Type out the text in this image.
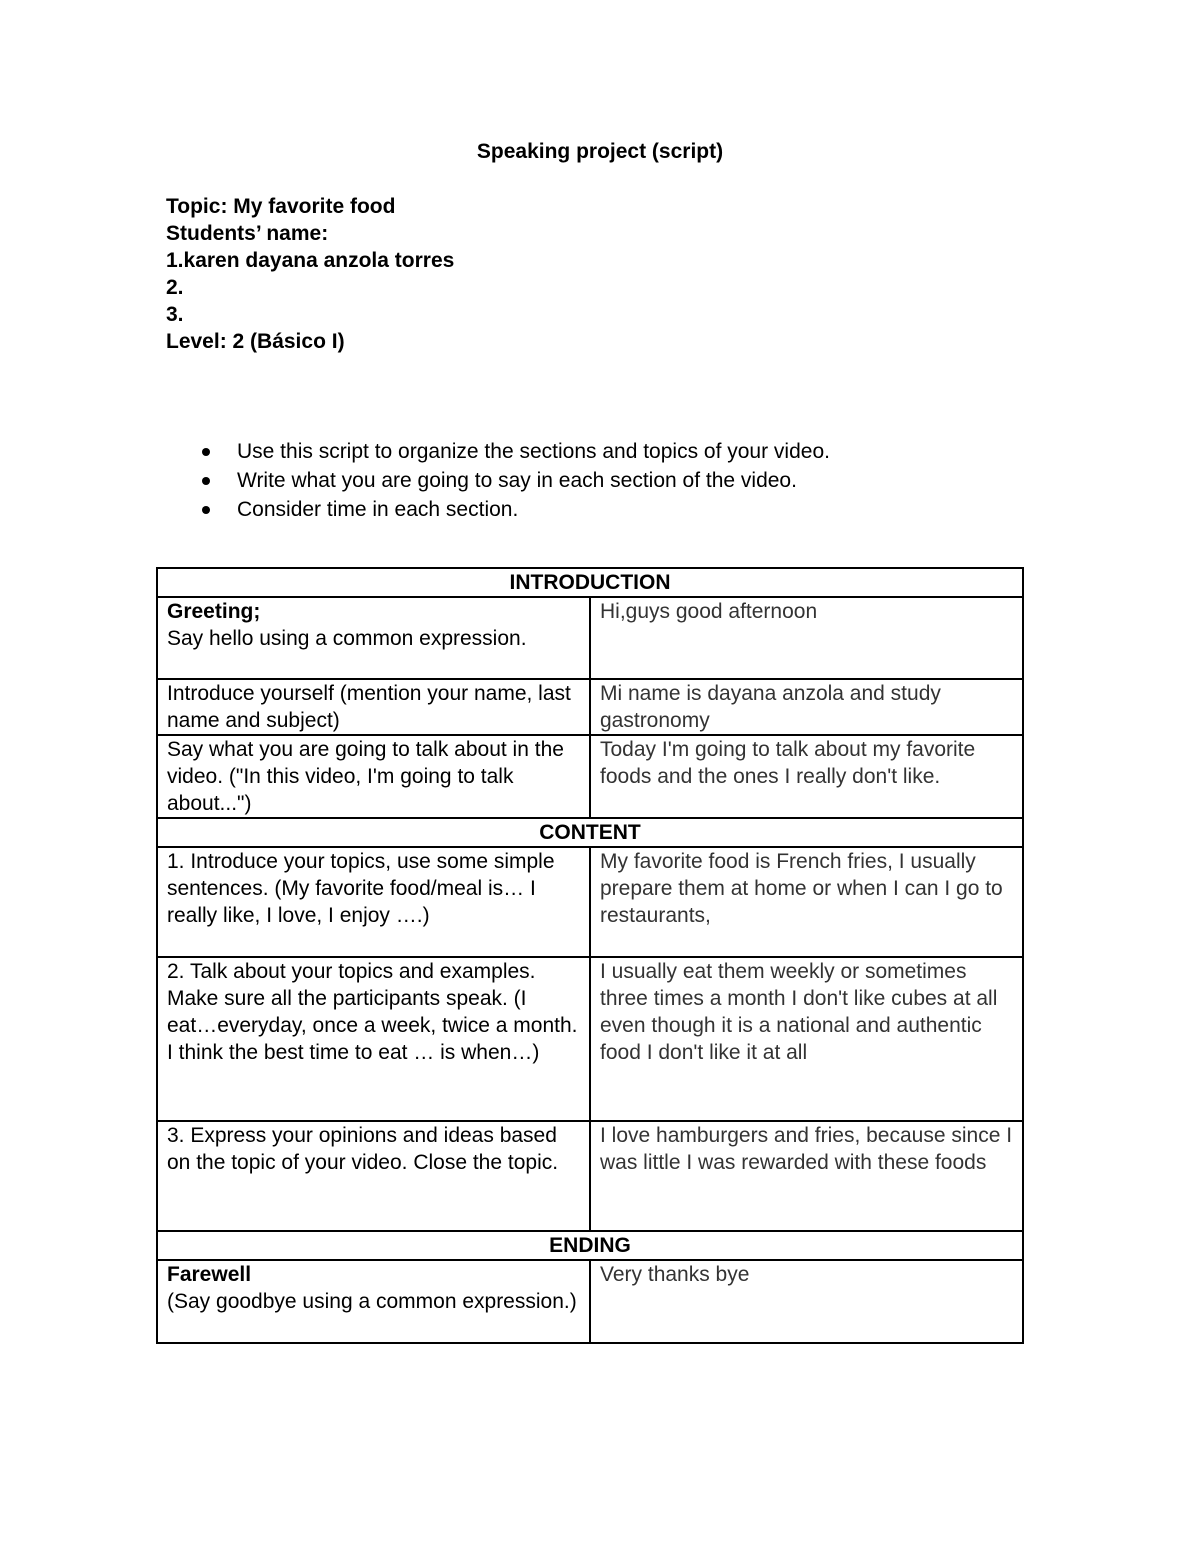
Speaking project (script)
Topic: My favorite food
Students’ name:
1.karen dayana anzola torres
2.
3.
Level: 2 (Básico I)
Use this script to organize the sections and topics of your video.
Write what you are going to say in each section of the video.
Consider time in each section.
INTRODUCTION	

Greeting;
Say hello using a common expression.	Hi,guys good afternoon
Introduce yourself (mention your name, last name and subject)	Mi name is dayana anzola and study gastronomy
Say what you are going to talk about in the video. ("In this video, I'm going to talk about...")	Today I'm going to talk about my favorite foods and the ones I really don't like.
CONTENT	
1. Introduce your topics, use some simple sentences. (My favorite food/meal is… I really like, I love, I enjoy ….)	My favorite food is French fries, I usually prepare them at home or when I can I go to restaurants,
2. Talk about your topics and examples. Make sure all the participants speak. (I eat…everyday, once a week, twice a month. I think the best time to eat … is when…)	I usually eat them weekly or sometimes three times a month I don't like cubes at all even though it is a national and authentic food I don't like it at all
3. Express your opinions and ideas based on the topic of your video. Close the topic.	I love hamburgers and fries, because since I was little I was rewarded with these foods
ENDING	

Farewell
(Say goodbye using a common expression.)	Very thanks bye
